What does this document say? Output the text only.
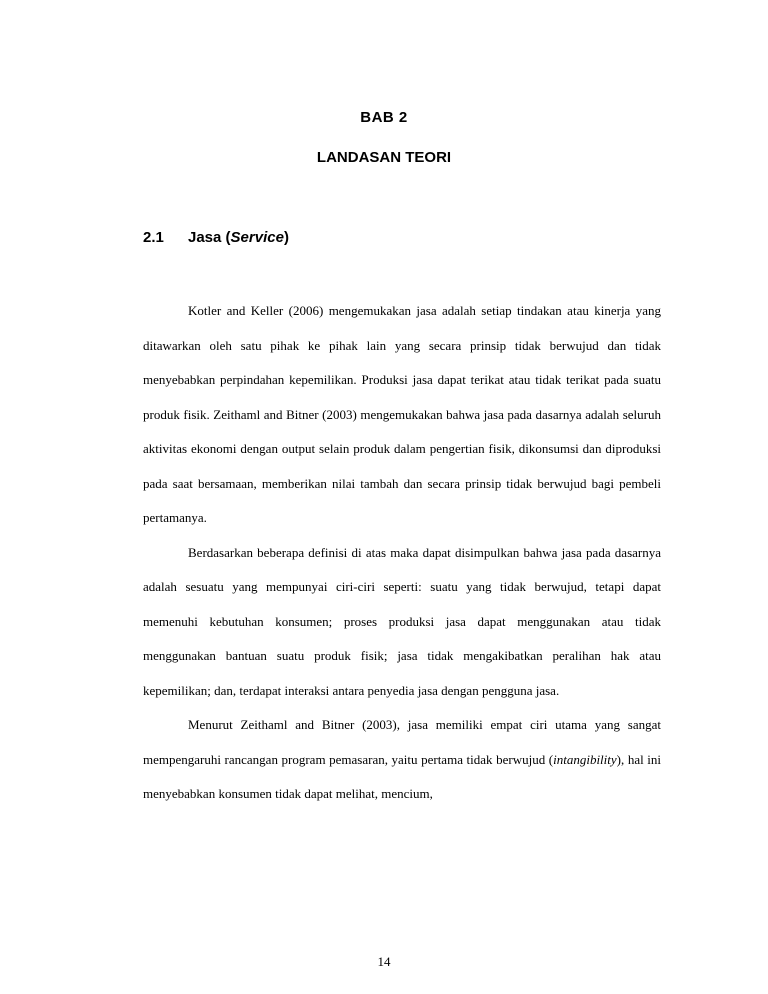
BAB 2
LANDASAN TEORI
2.1 Jasa (Service)

Kotler and Keller (2006) mengemukakan jasa adalah setiap tindakan atau kinerja yang ditawarkan oleh satu pihak ke pihak lain yang secara prinsip tidak berwujud dan tidak menyebabkan perpindahan kepemilikan. Produksi jasa dapat terikat atau tidak terikat pada suatu produk fisik. Zeithaml and Bitner (2003) mengemukakan bahwa jasa pada dasarnya adalah seluruh aktivitas ekonomi dengan output selain produk dalam pengertian fisik, dikonsumsi dan diproduksi pada saat bersamaan, memberikan nilai tambah dan secara prinsip tidak berwujud bagi pembeli pertamanya.

Berdasarkan beberapa definisi di atas maka dapat disimpulkan bahwa jasa pada dasarnya adalah sesuatu yang mempunyai ciri-ciri seperti: suatu yang tidak berwujud, tetapi dapat memenuhi kebutuhan konsumen; proses produksi jasa dapat menggunakan atau tidak menggunakan bantuan suatu produk fisik; jasa tidak mengakibatkan peralihan hak atau kepemilikan; dan, terdapat interaksi antara penyedia jasa dengan pengguna jasa.

Menurut Zeithaml and Bitner (2003), jasa memiliki empat ciri utama yang sangat mempengaruhi rancangan program pemasaran, yaitu pertama tidak berwujud (intangibility), hal ini menyebabkan konsumen tidak dapat melihat, mencium,

14
